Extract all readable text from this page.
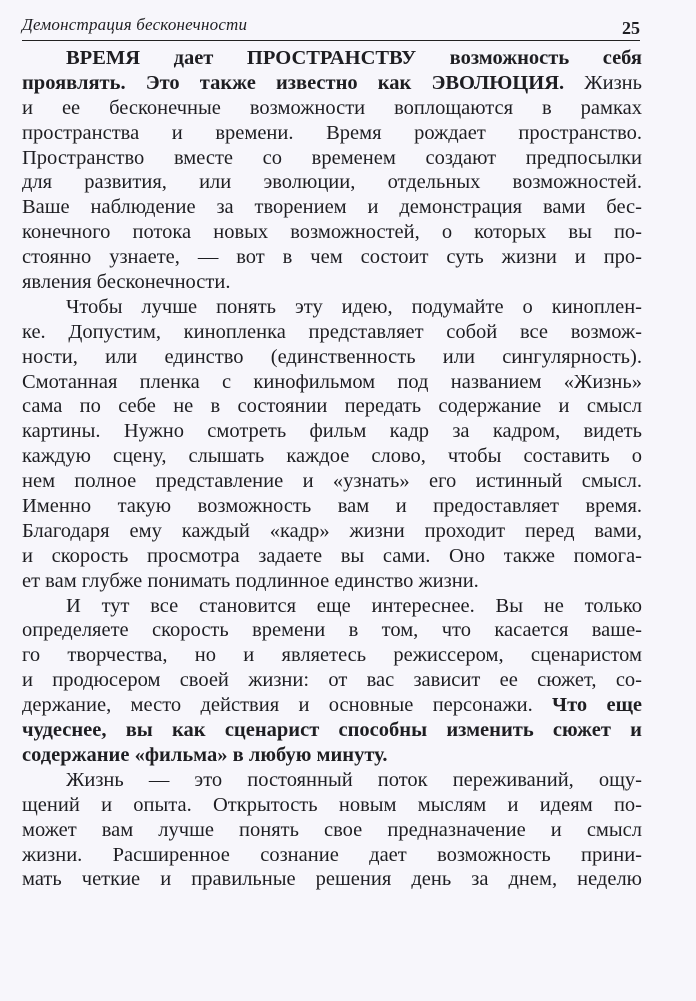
Демонстрация бесконечности	25
ВРЕМЯ дает ПРОСТРАНСТВУ возможность себя
проявлять. Это также известно как ЭВОЛЮЦИЯ. Жизнь
и ее бесконечные возможности воплощаются в рамках
пространства и времени. Время рождает пространство.
Пространство вместе со временем создают предпосылки
для развития, или эволюции, отдельных возможностей.
Ваше наблюдение за творением и демонстрация вами бес-
конечного потока новых возможностей, о которых вы по-
стоянно узнаете, — вот в чем состоит суть жизни и про-
явления бесконечности.
Чтобы лучше понять эту идею, подумайте о киноплен-
ке. Допустим, кинопленка представляет собой все возмож-
ности, или единство (единственность или сингулярность).
Смотанная пленка с кинофильмом под названием «Жизнь»
сама по себе не в состоянии передать содержание и смысл
картины. Нужно смотреть фильм кадр за кадром, видеть
каждую сцену, слышать каждое слово, чтобы составить о
нем полное представление и «узнать» его истинный смысл.
Именно такую возможность вам и предоставляет время.
Благодаря ему каждый «кадр» жизни проходит перед вами,
и скорость просмотра задаете вы сами. Оно также помога-
ет вам глубже понимать подлинное единство жизни.
И тут все становится еще интереснее. Вы не только
определяете скорость времени в том, что касается ваше-
го творчества, но и являетесь режиссером, сценаристом
и продюсером своей жизни: от вас зависит ее сюжет, со-
держание, место действия и основные персонажи. Что еще
чудеснее, вы как сценарист способны изменить сюжет и
содержание «фильма» в любую минуту.
Жизнь — это постоянный поток переживаний, ощу-
щений и опыта. Открытость новым мыслям и идеям по-
может вам лучше понять свое предназначение и смысл
жизни. Расширенное сознание дает возможность прини-
мать четкие и правильные решения день за днем, неделю
